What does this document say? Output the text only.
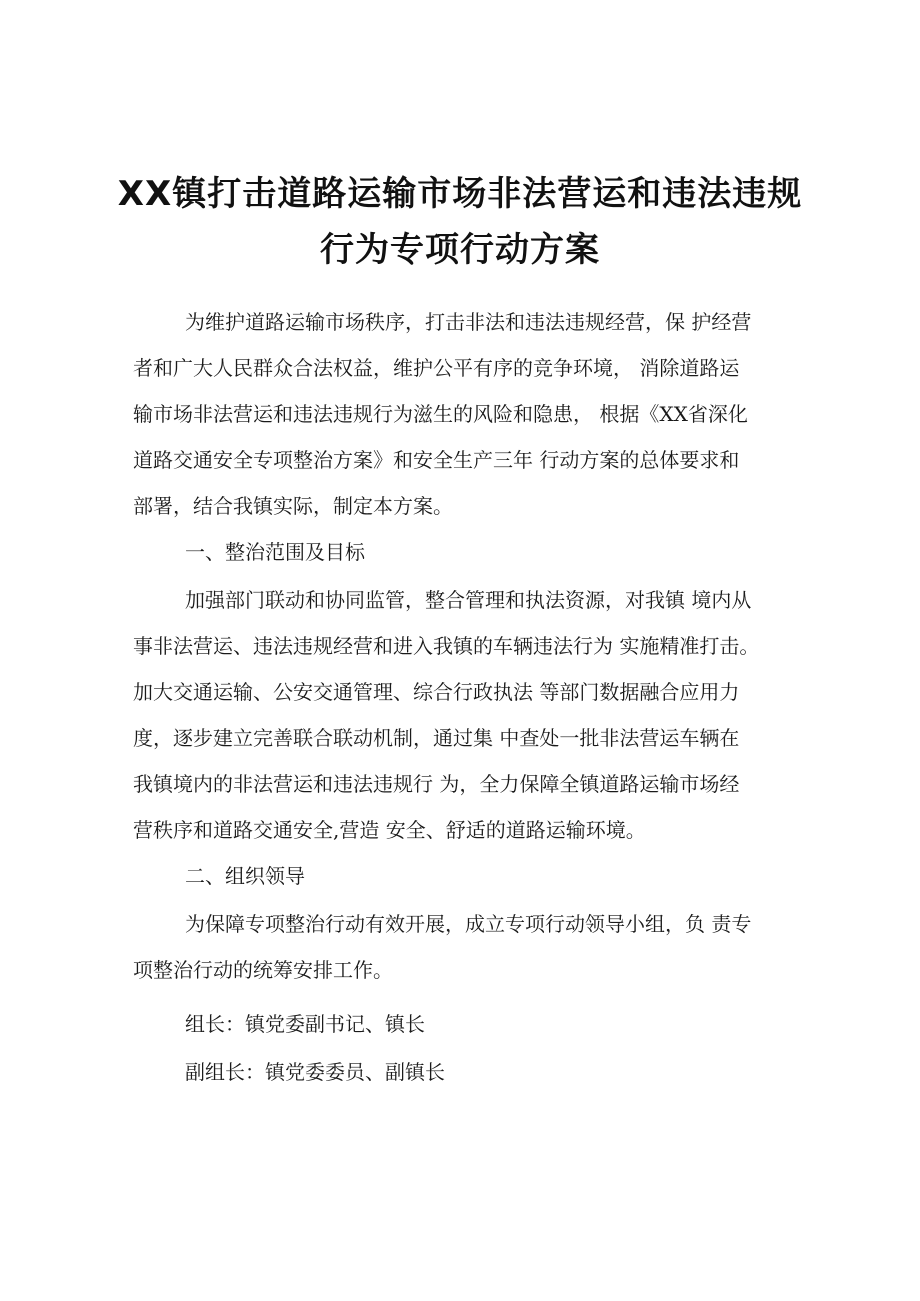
XX镇打击道路运输市场非法营运和违法违规
行为专项行动方案
为维护道路运输市场秩序，打击非法和违法违规经营，保 护经营
者和广大人民群众合法权益，维护公平有序的竞争环境， 消除道路运
输市场非法营运和违法违规行为滋生的风险和隐患， 根据《XX省深化
道路交通安全专项整治方案》和安全生产三年 行动方案的总体要求和
部署，结合我镇实际，制定本方案。
一、整治范围及目标
加强部门联动和协同监管，整合管理和执法资源，对我镇 境内从
事非法营运、违法违规经营和进入我镇的车辆违法行为 实施精准打击。
加大交通运输、公安交通管理、综合行政执法 等部门数据融合应用力
度，逐步建立完善联合联动机制，通过集 中查处一批非法营运车辆在
我镇境内的非法营运和违法违规行 为，全力保障全镇道路运输市场经
营秩序和道路交通安全,营造 安全、舒适的道路运输环境。
二、组织领导
为保障专项整治行动有效开展，成立专项行动领导小组，负 责专
项整治行动的统筹安排工作。
组长：镇党委副书记、镇长
副组长：镇党委委员、副镇长
